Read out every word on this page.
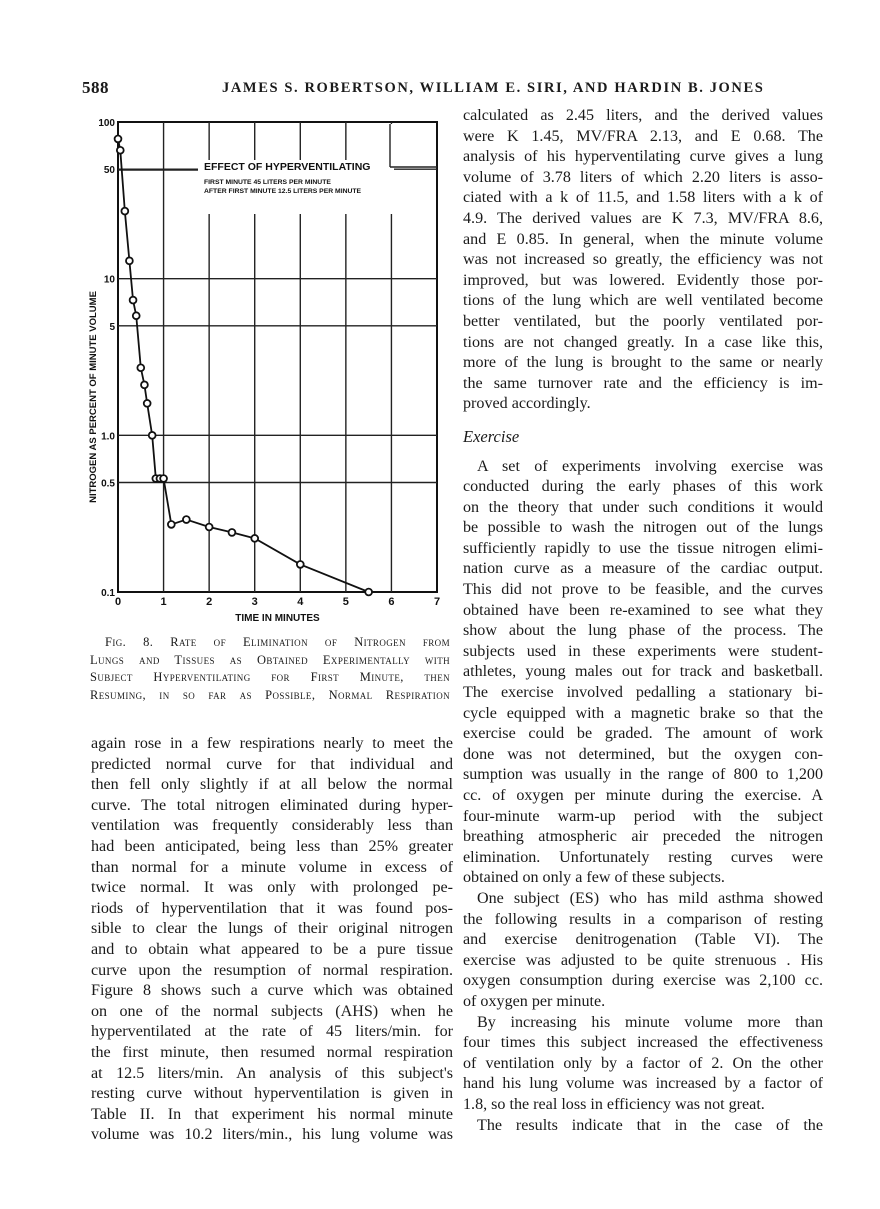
588	JAMES S. ROBERTSON, WILLIAM E. SIRI, AND HARDIN B. JONES
EFFECT OF HYPERVENTILATING
FIRST MINUTE 45 LITERS PER MINUTE
AFTER FIRST MINUTE 12.5 LITERS PER MINUTE
0	1	2	3	4	5	6	7
0.1
0.5
1.0
5
10
50
100
TIME IN MINUTES
NITROGEN AS PERCENT OF MINUTE VOLUME
Fig. 8. Rate of Elimination of Nitrogen from
Lungs and Tissues as Obtained Experimentally with
Subject Hyperventilating for First Minute, then
Resuming, in so far as Possible, Normal Respiration

again rose in a few respirations nearly to meet the
predicted normal curve for that individual and
then fell only slightly if at all below the normal
curve. The total nitrogen eliminated during hyper-
ventilation was frequently considerably less than
had been anticipated, being less than 25% greater
than normal for a minute volume in excess of
twice normal. It was only with prolonged pe-
riods of hyperventilation that it was found pos-
sible to clear the lungs of their original nitrogen
and to obtain what appeared to be a pure tissue
curve upon the resumption of normal respiration.
Figure 8 shows such a curve which was obtained
on one of the normal subjects (AHS) when he
hyperventilated at the rate of 45 liters/min. for
the first minute, then resumed normal respiration
at 12.5 liters/min. An analysis of this subject's
resting curve without hyperventilation is given in
Table II. In that experiment his normal minute
volume was 10.2 liters/min., his lung volume was

calculated as 2.45 liters, and the derived values
were K 1.45, MV/FRA 2.13, and E 0.68. The
analysis of his hyperventilating curve gives a lung
volume of 3.78 liters of which 2.20 liters is asso-
ciated with a k of 11.5, and 1.58 liters with a k of
4.9. The derived values are K 7.3, MV/FRA 8.6,
and E 0.85. In general, when the minute volume
was not increased so greatly, the efficiency was not
improved, but was lowered. Evidently those por-
tions of the lung which are well ventilated become
better ventilated, but the poorly ventilated por-
tions are not changed greatly. In a case like this,
more of the lung is brought to the same or nearly
the same turnover rate and the efficiency is im-
proved accordingly.

Exercise

A set of experiments involving exercise was
conducted during the early phases of this work
on the theory that under such conditions it would
be possible to wash the nitrogen out of the lungs
sufficiently rapidly to use the tissue nitrogen elimi-
nation curve as a measure of the cardiac output.
This did not prove to be feasible, and the curves
obtained have been re-examined to see what they
show about the lung phase of the process. The
subjects used in these experiments were student-
athletes, young males out for track and basketball.
The exercise involved pedalling a stationary bi-
cycle equipped with a magnetic brake so that the
exercise could be graded. The amount of work
done was not determined, but the oxygen con-
sumption was usually in the range of 800 to 1,200
cc. of oxygen per minute during the exercise. A
four-minute warm-up period with the subject
breathing atmospheric air preceded the nitrogen
elimination. Unfortunately resting curves were
obtained on only a few of these subjects.

One subject (ES) who has mild asthma showed
the following results in a comparison of resting
and exercise denitrogenation (Table VI). The
exercise was adjusted to be quite strenuous . His
oxygen consumption during exercise was 2,100 cc.
of oxygen per minute.

By increasing his minute volume more than
four times this subject increased the effectiveness
of ventilation only by a factor of 2. On the other
hand his lung volume was increased by a factor of
1.8, so the real loss in efficiency was not great.

The results indicate that in the case of the
